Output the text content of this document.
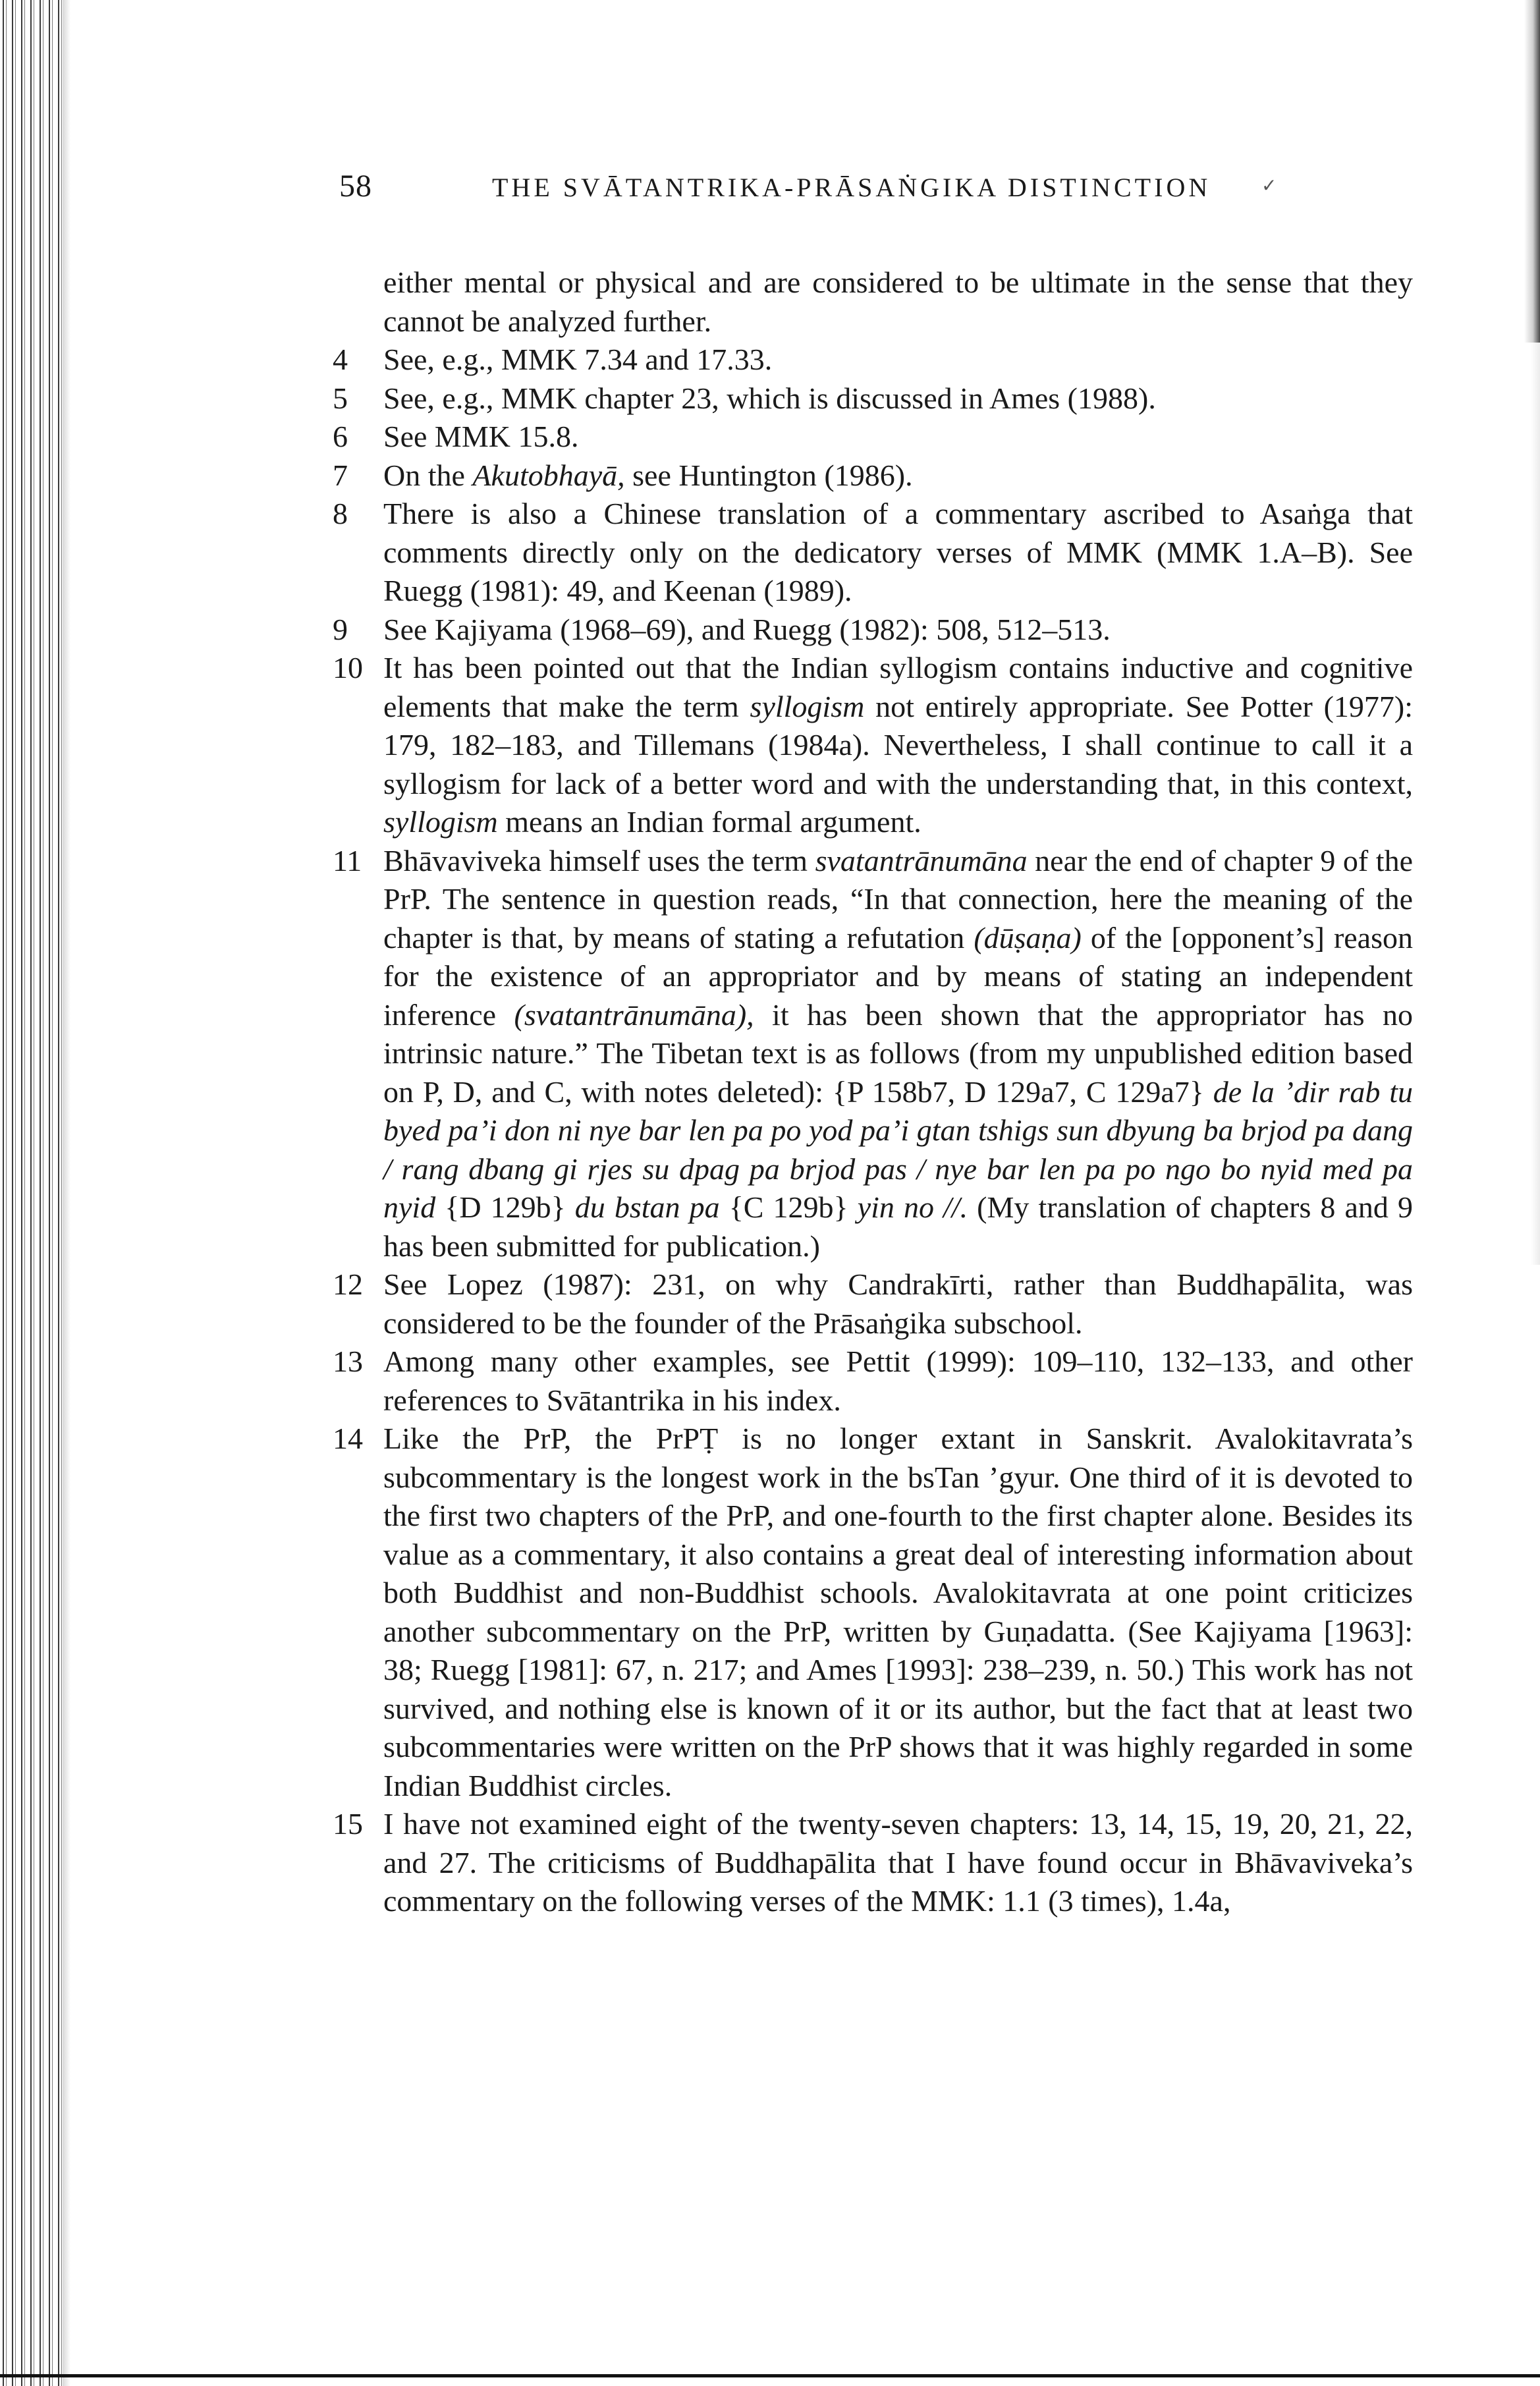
58	THE SVĀTANTRIKA-PRĀSAṄGIKA DISTINCTION	✓
either mental or physical and are considered to be ultimate in the sense that they cannot be analyzed further.
4	See, e.g., MMK 7.34 and 17.33.
5	See, e.g., MMK chapter 23, which is discussed in Ames (1988).
6	See MMK 15.8.
7	On the Akutobhayā, see Huntington (1986).
8	There is also a Chinese translation of a commentary ascribed to Asaṅga that comments directly only on the dedicatory verses of MMK (MMK 1.A–B). See Ruegg (1981): 49, and Keenan (1989).
9	See Kajiyama (1968–69), and Ruegg (1982): 508, 512–513.
10 It has been pointed out that the Indian syllogism contains inductive and cognitive elements that make the term syllogism not entirely appropriate. See Potter (1977): 179, 182–183, and Tillemans (1984a). Nevertheless, I shall continue to call it a syllogism for lack of a better word and with the understanding that, in this context, syllogism means an Indian formal argument.
11 Bhāvaviveka himself uses the term svatantrānumāna near the end of chapter 9 of the PrP. The sentence in question reads, “In that connection, here the meaning of the chapter is that, by means of stating a refutation (dūṣaṇa) of the [opponent’s] reason for the existence of an appropriator and by means of stating an independent inference (svatantrānumāna), it has been shown that the appropriator has no intrinsic nature.” The Tibetan text is as follows (from my unpublished edition based on P, D, and C, with notes deleted): {P 158b7, D 129a7, C 129a7} de la ’dir rab tu byed pa’i don ni nye bar len pa po yod pa’i gtan tshigs sun dbyung ba brjod pa dang / rang dbang gi rjes su dpag pa brjod pas / nye bar len pa po ngo bo nyid med pa nyid {D 129b} du bstan pa {C 129b} yin no //. (My translation of chapters 8 and 9 has been submitted for publication.)
12 See Lopez (1987): 231, on why Candrakīrti, rather than Buddhapālita, was considered to be the founder of the Prāsaṅgika subschool.
13 Among many other examples, see Pettit (1999): 109–110, 132–133, and other references to Svātantrika in his index.
14 Like the PrP, the PrPṬ is no longer extant in Sanskrit. Avalokitavrata’s subcommentary is the longest work in the bsTan ’gyur. One third of it is devoted to the first two chapters of the PrP, and one-fourth to the first chapter alone. Besides its value as a commentary, it also contains a great deal of interesting information about both Buddhist and non-Buddhist schools. Avalokitavrata at one point criticizes another subcommentary on the PrP, written by Guṇadatta. (See Kajiyama [1963]: 38; Ruegg [1981]: 67, n. 217; and Ames [1993]: 238–239, n. 50.) This work has not survived, and nothing else is known of it or its author, but the fact that at least two subcommentaries were written on the PrP shows that it was highly regarded in some Indian Buddhist circles.
15 I have not examined eight of the twenty-seven chapters: 13, 14, 15, 19, 20, 21, 22, and 27. The criticisms of Buddhapālita that I have found occur in Bhāvaviveka’s commentary on the following verses of the MMK: 1.1 (3 times), 1.4a,
